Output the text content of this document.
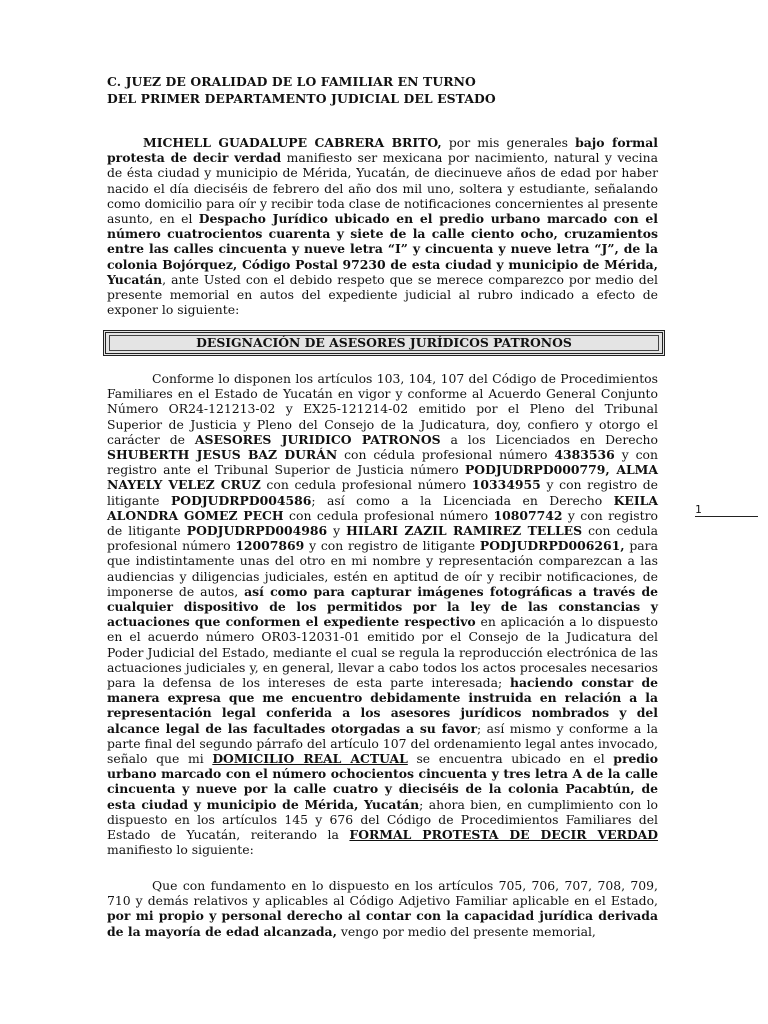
C. JUEZ DE ORALIDAD DE LO FAMILIAR EN TURNO
DEL PRIMER DEPARTAMENTO JUDICIAL DEL ESTADO
MICHELL GUADALUPE CABRERA BRITO, por mis generales bajo formal protesta de decir verdad manifiesto ser mexicana por nacimiento, natural y vecina de ésta ciudad y municipio de Mérida, Yucatán, de diecinueve años de edad por haber nacido el día dieciséis de febrero del año dos mil uno, soltera y estudiante, señalando como domicilio para oír y recibir toda clase de notificaciones concernientes al presente asunto, en el Despacho Jurídico ubicado en el predio urbano marcado con el número cuatrocientos cuarenta y siete de la calle ciento ocho, cruzamientos entre las calles cincuenta y nueve letra “I” y cincuenta y nueve letra “J”, de la colonia Bojórquez, Código Postal 97230 de esta ciudad y municipio de Mérida, Yucatán, ante Usted con el debido respeto que se merece comparezco por medio del presente memorial en autos del expediente judicial al rubro indicado a efecto de exponer lo siguiente:
DESIGNACIÓN DE ASESORES JURÍDICOS PATRONOS
Conforme lo disponen los artículos 103, 104, 107 del Código de Procedimientos Familiares en el Estado de Yucatán en vigor y conforme al Acuerdo General Conjunto Número OR24-121213-02 y EX25-121214-02 emitido por el Pleno del Tribunal Superior de Justicia y Pleno del Consejo de la Judicatura, doy, confiero y otorgo el carácter de ASESORES JURIDICO PATRONOS a los Licenciados en Derecho SHUBERTH JESUS BAZ DURÁN con cédula profesional número 4383536 y con registro ante el Tribunal Superior de Justicia número PODJUDRPD000779, ALMA NAYELY VELEZ CRUZ con cedula profesional número 10334955 y con registro de litigante PODJUDRPD004586; así como a la Licenciada en Derecho KEILA ALONDRA GOMEZ PECH con cedula profesional número 10807742 y con registro de litigante PODJUDRPD004986 y HILARI ZAZIL RAMIREZ TELLES con cedula profesional número 12007869 y con registro de litigante PODJUDRPD006261, para que indistintamente unas del otro en mi nombre y representación comparezcan a las audiencias y diligencias judiciales, estén en aptitud de oír y recibir notificaciones, de imponerse de autos, así como para capturar imágenes fotográficas a través de cualquier dispositivo de los permitidos por la ley de las constancias y actuaciones que conformen el expediente respectivo en aplicación a lo dispuesto en el acuerdo número OR03-12031-01 emitido por el Consejo de la Judicatura del Poder Judicial del Estado, mediante el cual se regula la reproducción electrónica de las actuaciones judiciales y, en general, llevar a cabo todos los actos procesales necesarios para la defensa de los intereses de esta parte interesada; haciendo constar de manera expresa que me encuentro debidamente instruida en relación a la representación legal conferida a los asesores jurídicos nombrados y del alcance legal de las facultades otorgadas a su favor; así mismo y conforme a la parte final del segundo párrafo del artículo 107 del ordenamiento legal antes invocado, señalo que mi DOMICILIO REAL ACTUAL se encuentra ubicado en el predio urbano marcado con el número ochocientos cincuenta y tres letra A de la calle cincuenta y nueve por la calle cuatro y dieciséis de la colonia Pacabtún, de esta ciudad y municipio de Mérida, Yucatán; ahora bien, en cumplimiento con lo dispuesto en los artículos 145 y 676 del Código de Procedimientos Familiares del Estado de Yucatán, reiterando la FORMAL PROTESTA DE DECIR VERDAD manifiesto lo siguiente:
1
Que con fundamento en lo dispuesto en los artículos 705, 706, 707, 708, 709, 710 y demás relativos y aplicables al Código Adjetivo Familiar aplicable en el Estado, por mi propio y personal derecho al contar con la capacidad jurídica derivada de la mayoría de edad alcanzada, vengo por medio del presente memorial,
